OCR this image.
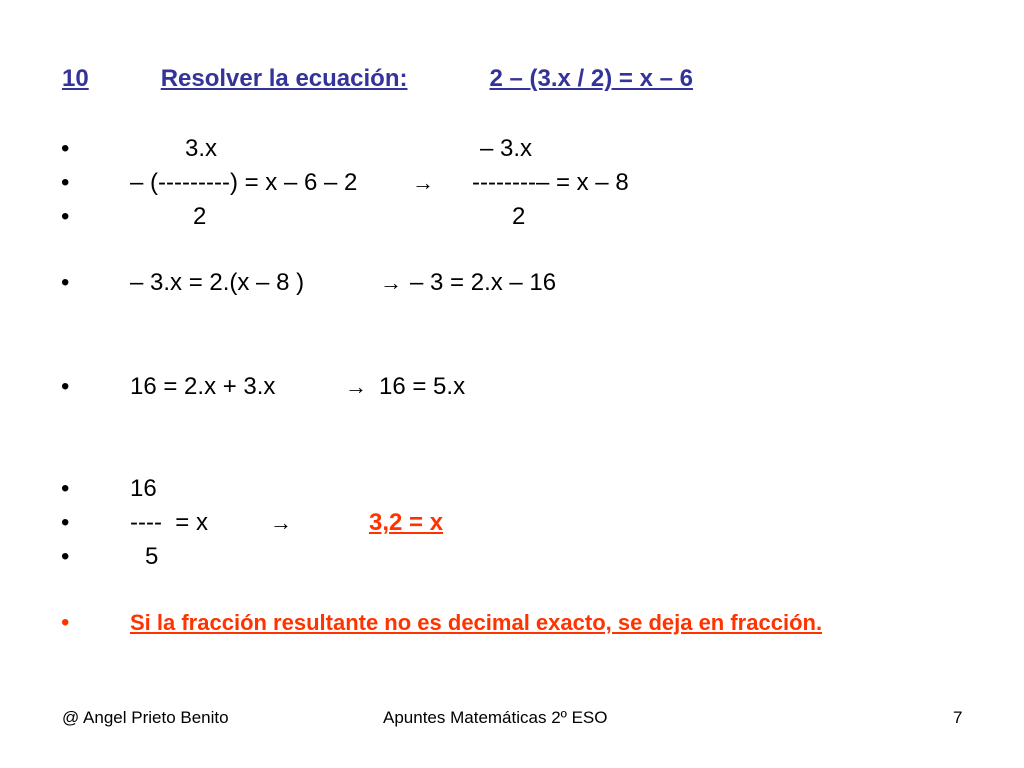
10	Resolver la ecuación:	2 – (3.x / 2) = x – 6

•

	3.x

	– 3.x

•

	– (---------) = x – 6 – 2

→

--------– = x – 8

•

	2

	2

•

	– 3.x = 2.(x – 8 )

	→

– 3 = 2.x – 16

•

	16 = 2.x + 3.x

	→

16 = 5.x

•

	16

•

	----  = x

	→

	3,2 = x

•

	5

•

	Si la fracción resultante no es decimal exacto, se deja en fracción.

@ Angel Prieto Benito	Apuntes Matemáticas 2º ESO	7
